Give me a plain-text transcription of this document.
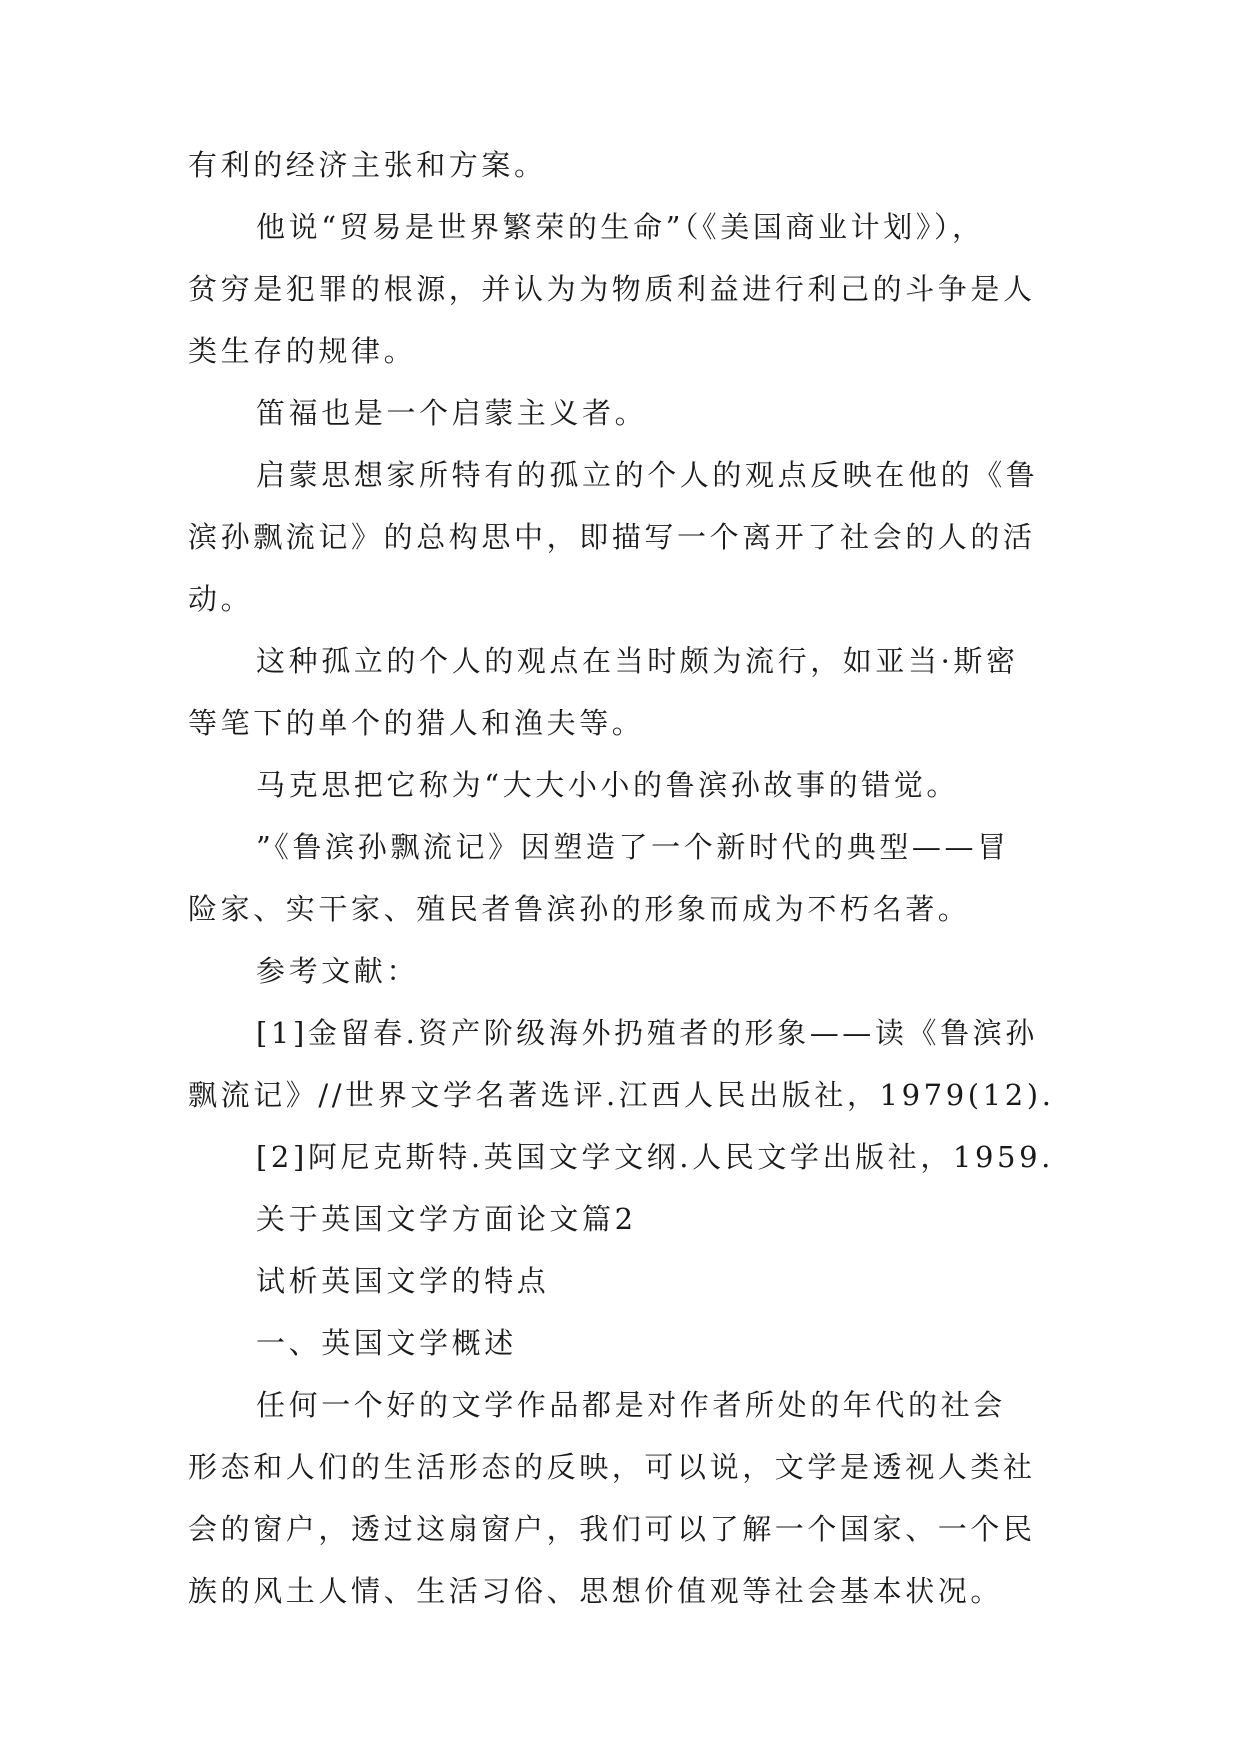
有利的经济主张和方案。

他说“贸易是世界繁荣的生命”（《美国商业计划》），
贫穷是犯罪的根源，并认为为物质利益进行利己的斗争是人
类生存的规律。

笛福也是一个启蒙主义者。

启蒙思想家所特有的孤立的个人的观点反映在他的《鲁
滨孙飘流记》的总构思中，即描写一个离开了社会的人的活
动。

这种孤立的个人的观点在当时颇为流行，如亚当·斯密
等笔下的单个的猎人和渔夫等。

马克思把它称为“大大小小的鲁滨孙故事的错觉。

”《鲁滨孙飘流记》因塑造了一个新时代的典型——冒
险家、实干家、殖民者鲁滨孙的形象而成为不朽名著。

参考文献：

[1]金留春.资产阶级海外扔殖者的形象——读《鲁滨孙
飘流记》//世界文学名著选评.江西人民出版社，1979(12).

[2]阿尼克斯特.英国文学文纲.人民文学出版社，1959.

关于英国文学方面论文篇2

试析英国文学的特点

一、英国文学概述

任何一个好的文学作品都是对作者所处的年代的社会
形态和人们的生活形态的反映，可以说，文学是透视人类社
会的窗户，透过这扇窗户，我们可以了解一个国家、一个民
族的风土人情、生活习俗、思想价值观等社会基本状况。
